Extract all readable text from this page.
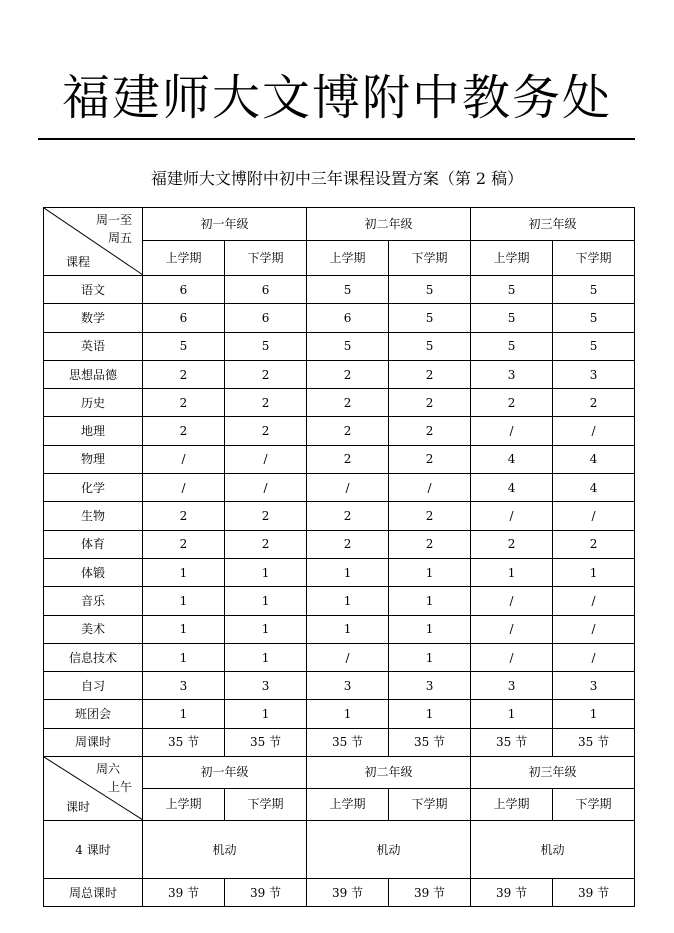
福建师大文博附中教务处
福建师大文博附中初中三年课程设置方案（第 2 稿）
周一至
周五
课程	初一年级		初二年级		初三年级	
	上学期	下学期	上学期	下学期	上学期	下学期
语文	6	6	5	5	5	5
数学	6	6	6	5	5	5
英语	5	5	5	5	5	5
思想品德	2	2	2	2	3	3
历史	2	2	2	2	2	2
地理	2	2	2	2	/	/
物理	/	/	2	2	4	4
化学	/	/	/	/	4	4
生物	2	2	2	2	/	/
体育	2	2	2	2	2	2
体锻	1	1	1	1	1	1
音乐	1	1	1	1	/	/
美术	1	1	1	1	/	/
信息技术	1	1	/	1	/	/
自习	3	3	3	3	3	3
班团会	1	1	1	1	1	1
周课时	35 节	35 节	35 节	35 节	35 节	35 节

周六
上午
课时	初一年级		初二年级		初三年级	
	上学期	下学期	上学期	下学期	上学期	下学期
4 课时	机动		机动		机动	
周总课时	39 节	39 节	39 节	39 节	39 节	39 节
